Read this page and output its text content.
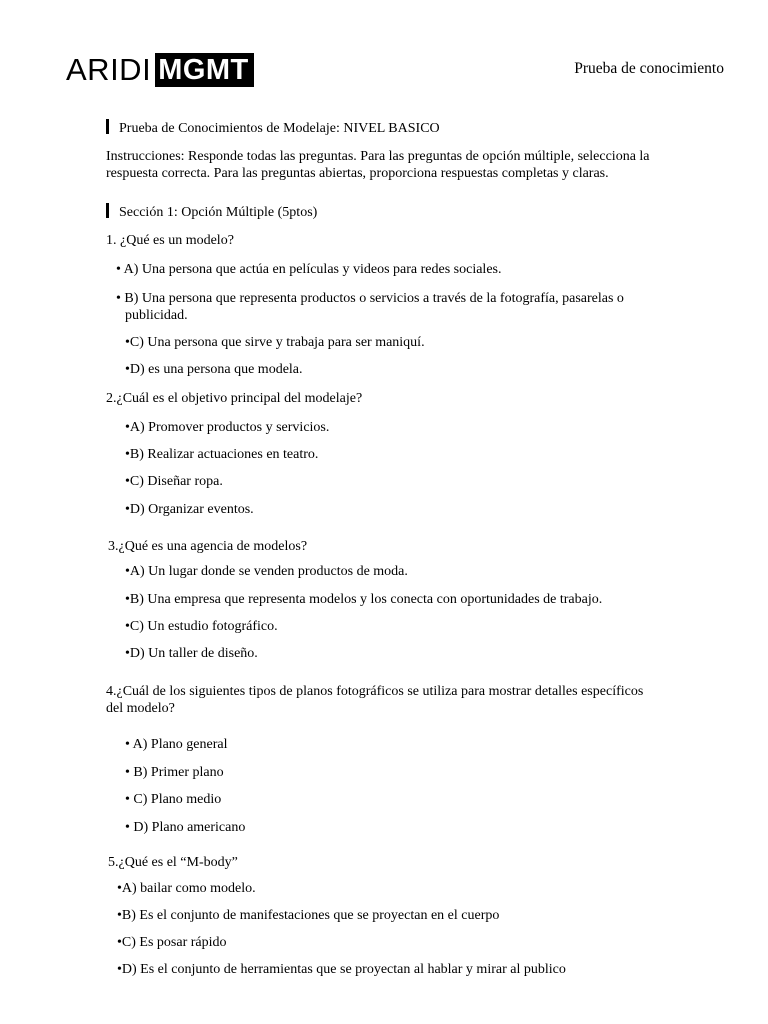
ARIDI MGMT	Prueba de conocimiento
Prueba de Conocimientos de Modelaje: NIVEL BASICO
Instrucciones: Responde todas las preguntas. Para las preguntas de opción múltiple, selecciona la respuesta correcta. Para las preguntas abiertas, proporciona respuestas completas y claras.
Sección 1: Opción Múltiple (5ptos)
1. ¿Qué es un modelo?
• A) Una persona que actúa en películas y videos para redes sociales.
• B) Una persona que representa productos o servicios a través de la fotografía, pasarelas o publicidad.
•C) Una persona que sirve y trabaja para ser maniquí.
•D) es una persona que modela.
2.¿Cuál es el objetivo principal del modelaje?
•A) Promover productos y servicios.
•B) Realizar actuaciones en teatro.
•C) Diseñar ropa.
•D) Organizar eventos.
3.¿Qué es una agencia de modelos?
•A) Un lugar donde se venden productos de moda.
•B) Una empresa que representa modelos y los conecta con oportunidades de trabajo.
•C) Un estudio fotográfico.
•D) Un taller de diseño.
4.¿Cuál de los siguientes tipos de planos fotográficos se utiliza para mostrar detalles específicos del modelo?
• A) Plano general
• B) Primer plano
• C) Plano medio
• D) Plano americano
5.¿Qué es el “M-body”
•A) bailar como modelo.
•B) Es el conjunto de manifestaciones que se proyectan en el cuerpo
•C) Es posar rápido
•D) Es el conjunto de herramientas que se proyectan al hablar y mirar al publico
